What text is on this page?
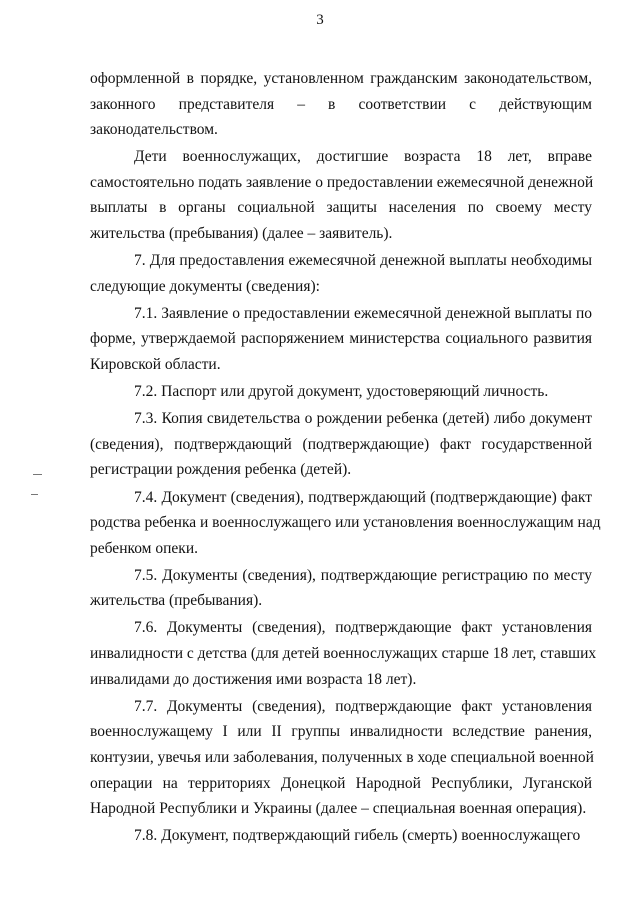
3
оформленной в порядке, установленном гражданским законодательством,
законного представителя – в соответствии с действующим
законодательством.
Дети военнослужащих, достигшие возраста 18 лет, вправе
самостоятельно подать заявление о предоставлении ежемесячной денежной
выплаты в органы социальной защиты населения по своему месту
жительства (пребывания) (далее – заявитель).
7. Для предоставления ежемесячной денежной выплаты необходимы
следующие документы (сведения):
7.1. Заявление о предоставлении ежемесячной денежной выплаты по
форме, утверждаемой распоряжением министерства социального развития
Кировской области.
7.2. Паспорт или другой документ, удостоверяющий личность.
7.3. Копия свидетельства о рождении ребенка (детей) либо документ
(сведения), подтверждающий (подтверждающие) факт государственной
регистрации рождения ребенка (детей).
7.4. Документ (сведения), подтверждающий (подтверждающие) факт
родства ребенка и военнослужащего или установления военнослужащим над
ребенком опеки.
7.5. Документы (сведения), подтверждающие регистрацию по месту
жительства (пребывания).
7.6. Документы (сведения), подтверждающие факт установления
инвалидности с детства (для детей военнослужащих старше 18 лет, ставших
инвалидами до достижения ими возраста 18 лет).
7.7. Документы (сведения), подтверждающие факт установления
военнослужащему I или II группы инвалидности вследствие ранения,
контузии, увечья или заболевания, полученных в ходе специальной военной
операции на территориях Донецкой Народной Республики, Луганской
Народной Республики и Украины (далее – специальная военная операция).
7.8. Документ, подтверждающий гибель (смерть) военнослужащего
